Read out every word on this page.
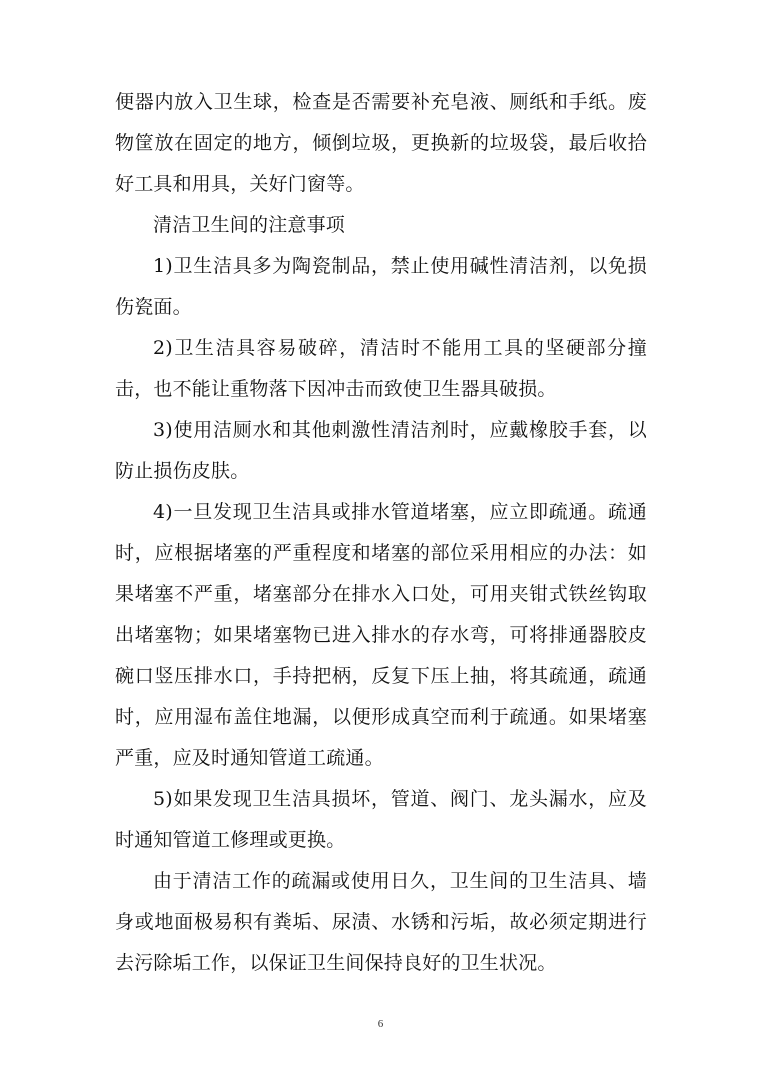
便器内放入卫生球，检查是否需要补充皂液、厕纸和手纸。废物筐放在固定的地方，倾倒垃圾，更换新的垃圾袋，最后收拾好工具和用具，关好门窗等。

清洁卫生间的注意事项

1)卫生洁具多为陶瓷制品，禁止使用碱性清洁剂，以免损伤瓷面。

2)卫生洁具容易破碎，清洁时不能用工具的坚硬部分撞击，也不能让重物落下因冲击而致使卫生器具破损。

3)使用洁厕水和其他刺激性清洁剂时，应戴橡胶手套，以防止损伤皮肤。

4)一旦发现卫生洁具或排水管道堵塞，应立即疏通。疏通时，应根据堵塞的严重程度和堵塞的部位采用相应的办法：如果堵塞不严重，堵塞部分在排水入口处，可用夹钳式铁丝钩取出堵塞物；如果堵塞物已进入排水的存水弯，可将排通器胶皮碗口竖压排水口，手持把柄，反复下压上抽，将其疏通，疏通时，应用湿布盖住地漏，以便形成真空而利于疏通。如果堵塞严重，应及时通知管道工疏通。

5)如果发现卫生洁具损坏，管道、阀门、龙头漏水，应及时通知管道工修理或更换。

由于清洁工作的疏漏或使用日久，卫生间的卫生洁具、墙身或地面极易积有粪垢、尿渍、水锈和污垢，故必须定期进行去污除垢工作，以保证卫生间保持良好的卫生状况。

6
